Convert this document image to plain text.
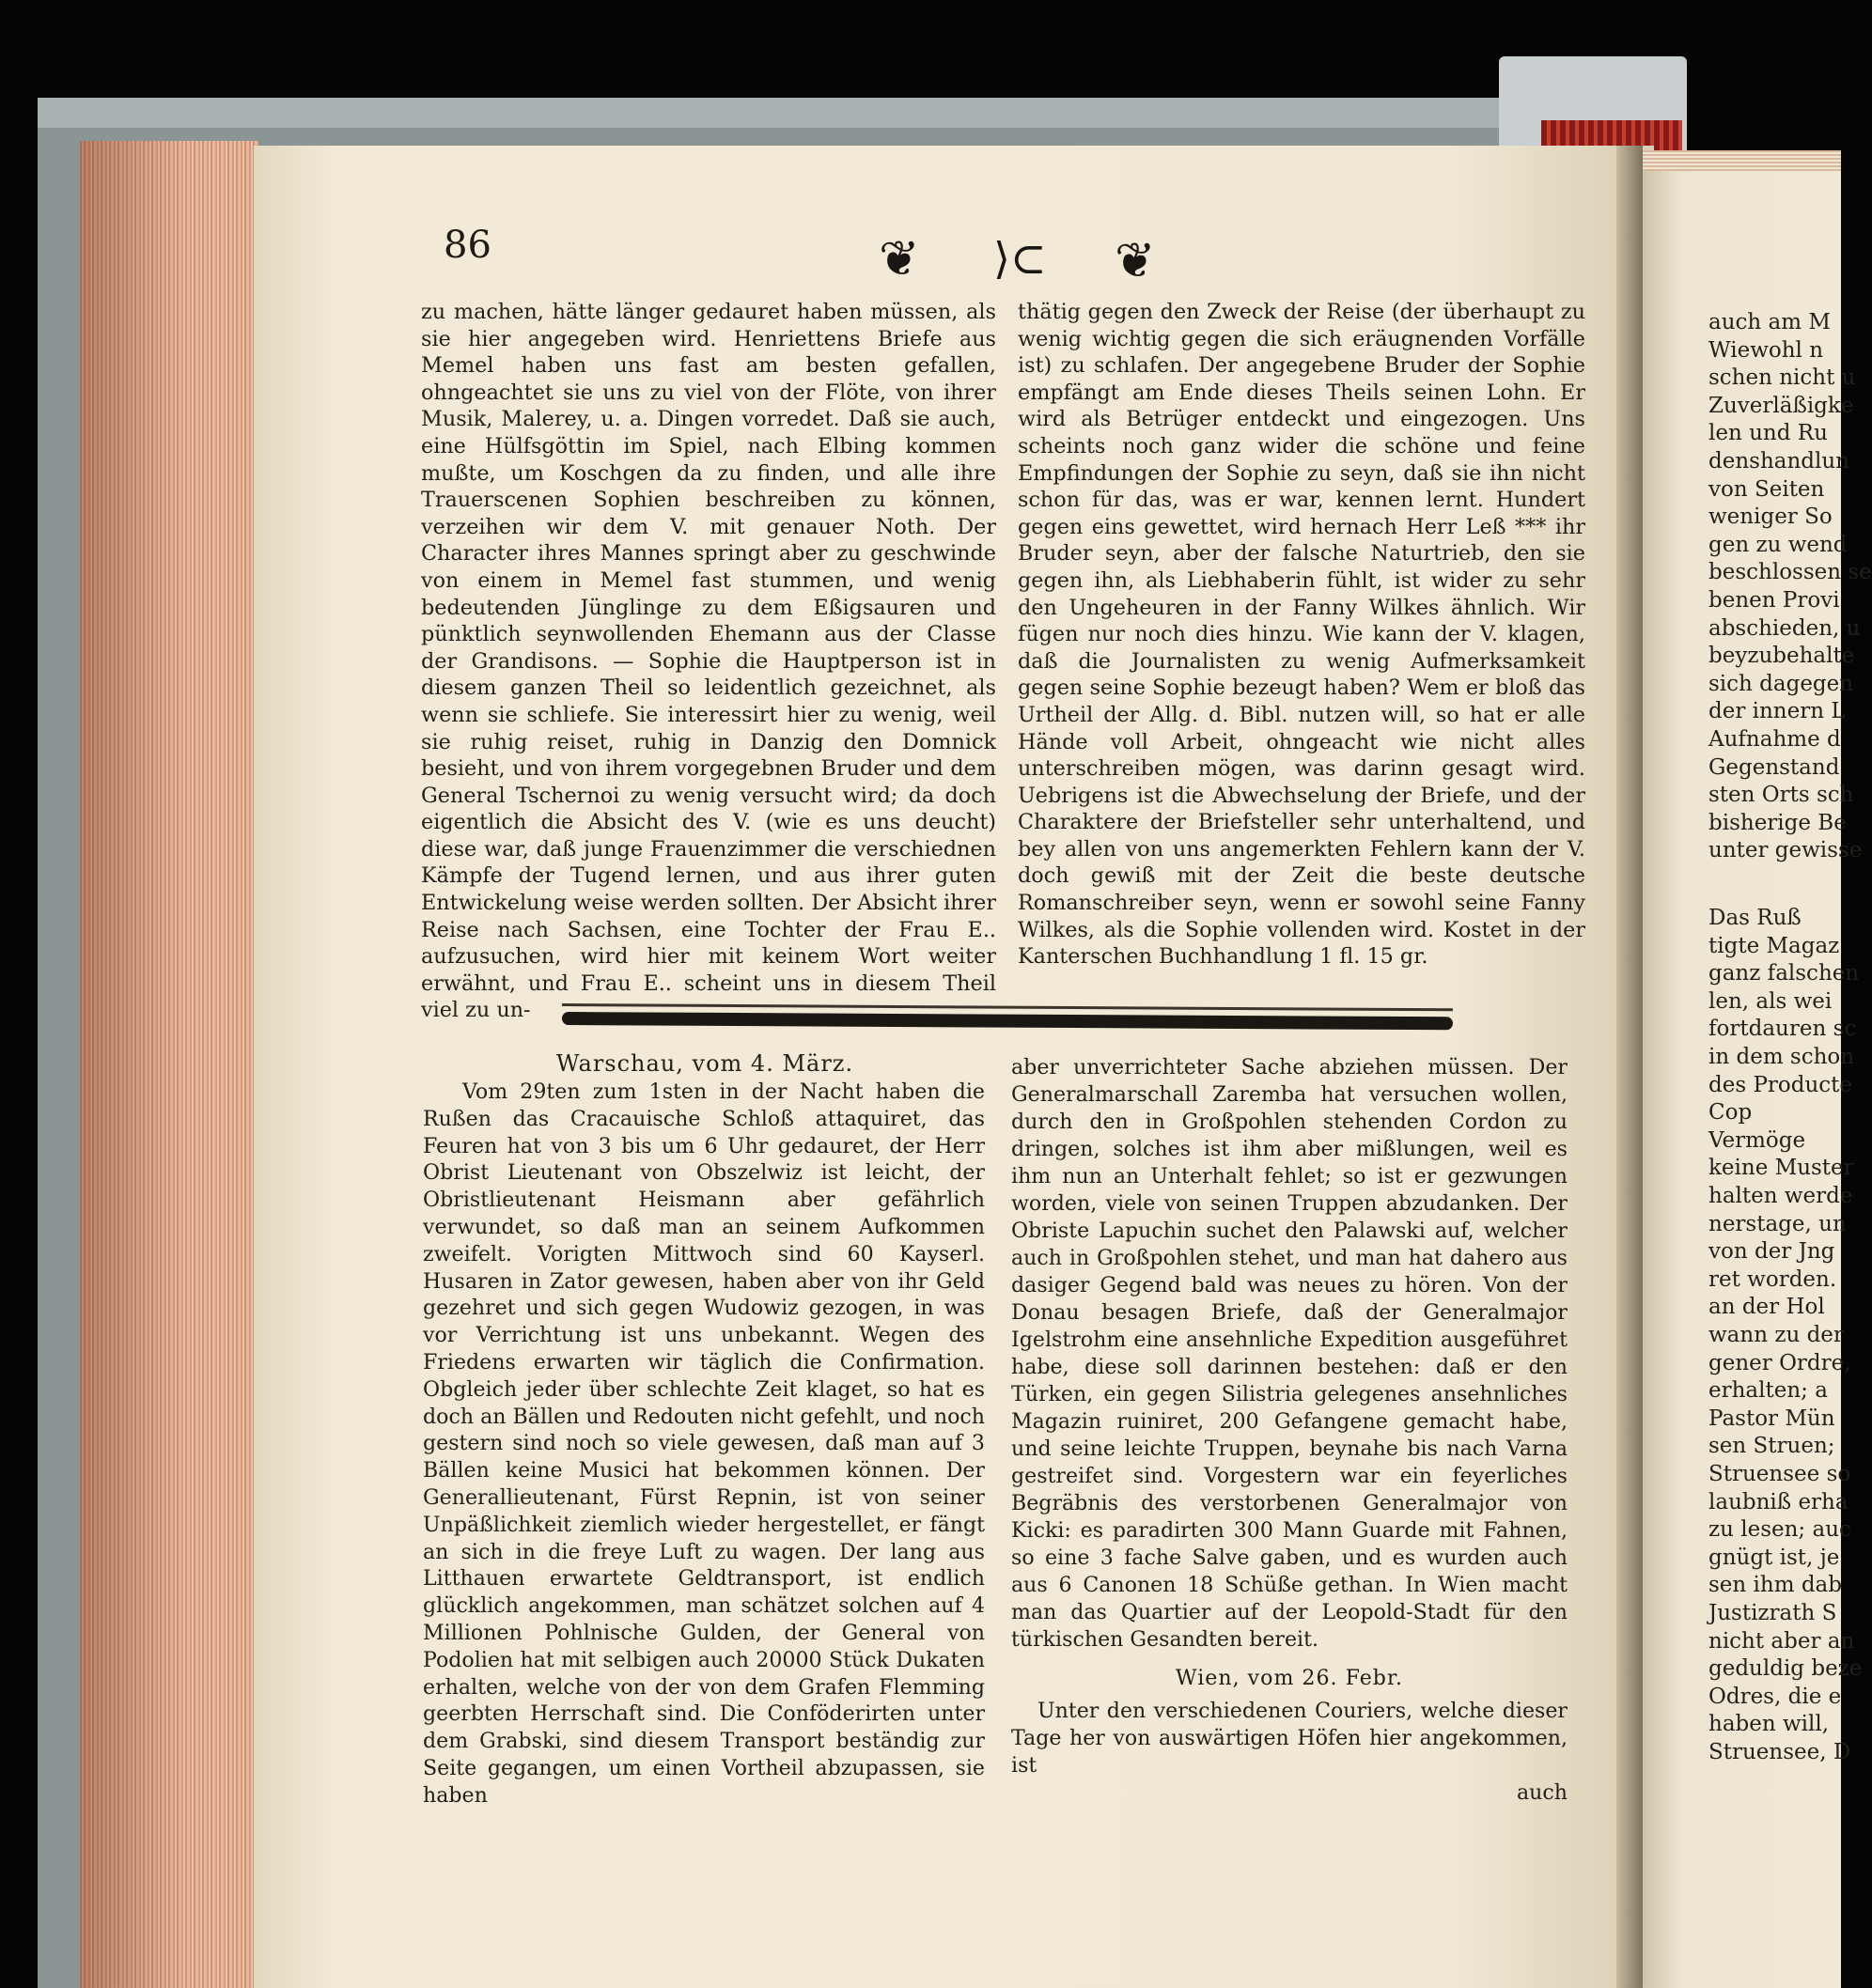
86	❦ ⟩⊂ ❦

zu machen, hätte länger gedauret haben müssen, als sie hier angegeben wird. Henriettens Briefe aus Memel haben uns fast am besten gefallen, ohngeachtet sie uns zu viel von der Flöte, von ihrer Musik, Malerey, u. a. Dingen vorredet. Daß sie auch, eine Hülfsgöttin im Spiel, nach Elbing kommen mußte, um Koschgen da zu finden, und alle ihre Trauerscenen Sophien beschreiben zu können, verzeihen wir dem V. mit genauer Noth. Der Character ihres Mannes springt aber zu geschwinde von einem in Memel fast stummen, und wenig bedeutenden Jünglinge zu dem Eßigsauren und pünktlich seynwollenden Ehemann aus der Classe der Grandisons. — Sophie die Hauptperson ist in diesem ganzen Theil so leidentlich gezeichnet, als wenn sie schliefe. Sie interessirt hier zu wenig, weil sie ruhig reiset, ruhig in Danzig den Domnick besieht, und von ihrem vorgegebnen Bruder und dem General Tschernoi zu wenig versucht wird; da doch eigentlich die Absicht des V. (wie es uns deucht) diese war, daß junge Frauenzimmer die verschiednen Kämpfe der Tugend lernen, und aus ihrer guten Entwickelung weise werden sollten. Der Absicht ihrer Reise nach Sachsen, eine Tochter der Frau E.. aufzusuchen, wird hier mit keinem Wort weiter erwähnt, und Frau E.. scheint uns in diesem Theil viel zu un-

thätig gegen den Zweck der Reise (der überhaupt zu wenig wichtig gegen die sich eräugnenden Vorfälle ist) zu schlafen. Der angegebene Bruder der Sophie empfängt am Ende dieses Theils seinen Lohn. Er wird als Betrüger entdeckt und eingezogen. Uns scheints noch ganz wider die schöne und feine Empfindungen der Sophie zu seyn, daß sie ihn nicht schon für das, was er war, kennen lernt. Hundert gegen eins gewettet, wird hernach Herr Leß *** ihr Bruder seyn, aber der falsche Naturtrieb, den sie gegen ihn, als Liebhaberin fühlt, ist wider zu sehr den Ungeheuren in der Fanny Wilkes ähnlich. Wir fügen nur noch dies hinzu. Wie kann der V. klagen, daß die Journalisten zu wenig Aufmerksamkeit gegen seine Sophie bezeugt haben? Wem er bloß das Urtheil der Allg. d. Bibl. nutzen will, so hat er alle Hände voll Arbeit, ohngeacht wie nicht alles unterschreiben mögen, was darinn gesagt wird. Uebrigens ist die Abwechselung der Briefe, und der Charaktere der Briefsteller sehr unterhaltend, und bey allen von uns angemerkten Fehlern kann der V. doch gewiß mit der Zeit die beste deutsche Romanschreiber seyn, wenn er sowohl seine Fanny Wilkes, als die Sophie vollenden wird. Kostet in der Kanterschen Buchhandlung 1 fl. 15 gr.

Warschau, vom 4. März.

Vom 29ten zum 1sten in der Nacht haben die Rußen das Cracauische Schloß attaquiret, das Feuren hat von 3 bis um 6 Uhr gedauret, der Herr Obrist Lieutenant von Obszelwiz ist leicht, der Obristlieutenant Heismann aber gefährlich verwundet, so daß man an seinem Aufkommen zweifelt. Vorigten Mittwoch sind 60 Kayserl. Husaren in Zator gewesen, haben aber von ihr Geld gezehret und sich gegen Wudowiz gezogen, in was vor Verrichtung ist uns unbekannt. Wegen des Friedens erwarten wir täglich die Confirmation. Obgleich jeder über schlechte Zeit klaget, so hat es doch an Bällen und Redouten nicht gefehlt, und noch gestern sind noch so viele gewesen, daß man auf 3 Bällen keine Musici hat bekommen können. Der Generallieutenant, Fürst Repnin, ist von seiner Unpäßlichkeit ziemlich wieder hergestellet, er fängt an sich in die freye Luft zu wagen. Der lang aus Litthauen erwartete Geldtransport, ist endlich glücklich angekommen, man schätzet solchen auf 4 Millionen Pohlnische Gulden, der General von Podolien hat mit selbigen auch 20000 Stück Dukaten erhalten, welche von der von dem Grafen Flemming geerbten Herrschaft sind. Die Conföderirten unter dem Grabski, sind diesem Transport beständig zur Seite gegangen, um einen Vortheil abzupassen, sie haben

aber unverrichteter Sache abziehen müssen. Der Generalmarschall Zaremba hat versuchen wollen, durch den in Großpohlen stehenden Cordon zu dringen, solches ist ihm aber mißlungen, weil es ihm nun an Unterhalt fehlet; so ist er gezwungen worden, viele von seinen Truppen abzudanken. Der Obriste Lapuchin suchet den Palawski auf, welcher auch in Großpohlen stehet, und man hat dahero aus dasiger Gegend bald was neues zu hören. Von der Donau besagen Briefe, daß der Generalmajor Igelstrohm eine ansehnliche Expedition ausgeführet habe, diese soll darinnen bestehen: daß er den Türken, ein gegen Silistria gelegenes ansehnliches Magazin ruiniret, 200 Gefangene gemacht habe, und seine leichte Truppen, beynahe bis nach Varna gestreifet sind. Vorgestern war ein feyerliches Begräbnis des verstorbenen Generalmajor von Kicki: es paradirten 300 Mann Guarde mit Fahnen, so eine 3 fache Salve gaben, und es wurden auch aus 6 Canonen 18 Schüße gethan. In Wien macht man das Quartier auf der Leopold-Stadt für den türkischen Gesandten bereit.

Wien, vom 26. Febr.

Unter den verschiedenen Couriers, welche dieser Tage her von auswärtigen Höfen hier angekommen, ist

auch

auch am M
Wiewohl n
schen nicht u
Zuverläßigke
len und Ru
denshandlun
von Seiten
weniger So
gen zu wend
beschlossen se
benen Provi
abschieden, u
beyzubehalte
sich dagegen
der innern L
Aufnahme d
Gegenstand
sten Orts sch
bisherige Be
unter gewisse
Das Ruß
tigte Magaz
ganz falschen
len, als wei
fortdauren sc
in dem schon
des Producte
Cop
Vermöge
keine Muster
halten werde
nerstage, un
von der Jng
ret worden.
an der Hol
wann zu der
gener Ordre,
erhalten; a
Pastor Mün
sen Struen;
Struensee so
laubniß erha
zu lesen; auc
gnügt ist, je
sen ihm dab
Justizrath S
nicht aber an
geduldig beze
Odres, die e
haben will,
Struensee, D
